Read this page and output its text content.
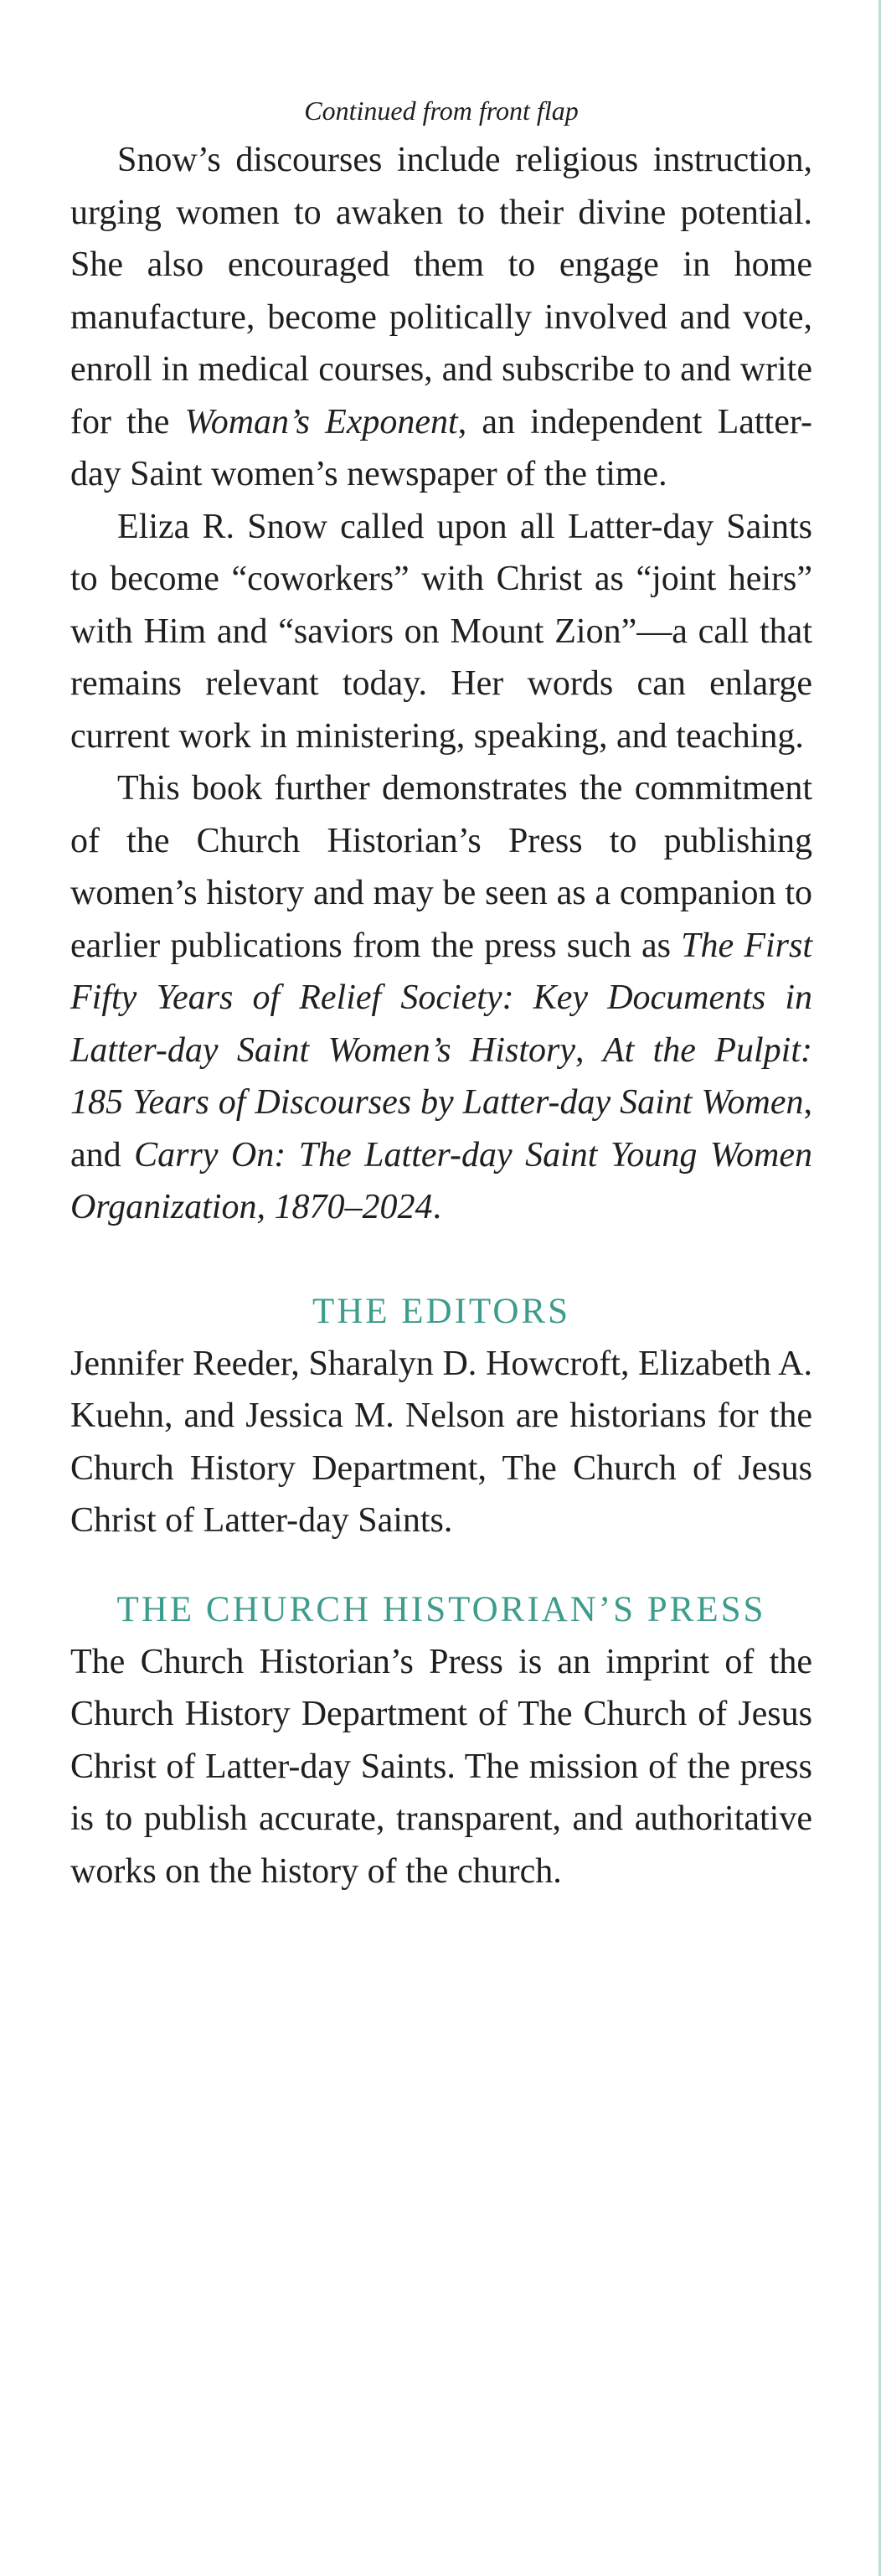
Continued from front flap

Snow’s discourses include religious instruction, urging women to awaken to their divine potential. She also encouraged them to engage in home manufacture, become politically involved and vote, enroll in medical courses, and subscribe to and write for the Woman’s Exponent, an independent Latter-day Saint women’s newspaper of the time.

Eliza R. Snow called upon all Latter-day Saints to become “coworkers” with Christ as “joint heirs” with Him and “saviors on Mount Zion”—a call that remains relevant today. Her words can enlarge current work in ministering, speaking, and teaching.

This book further demonstrates the commitment of the Church Historian’s Press to publishing women’s history and may be seen as a companion to earlier publications from the press such as The First Fifty Years of Relief Society: Key Documents in Latter-day Saint Women’s History, At the Pulpit: 185 Years of Discourses by Latter-day Saint Women, and Carry On: The Latter-day Saint Young Women Organization, 1870–2024.

THE EDITORS

Jennifer Reeder, Sharalyn D. Howcroft, Elizabeth A. Kuehn, and Jessica M. Nelson are historians for the Church History Department, The Church of Jesus Christ of Latter-day Saints.

THE CHURCH HISTORIAN’S PRESS

The Church Historian’s Press is an imprint of the Church History Department of The Church of Jesus Christ of Latter-day Saints. The mission of the press is to publish accurate, transparent, and authoritative works on the history of the church.
